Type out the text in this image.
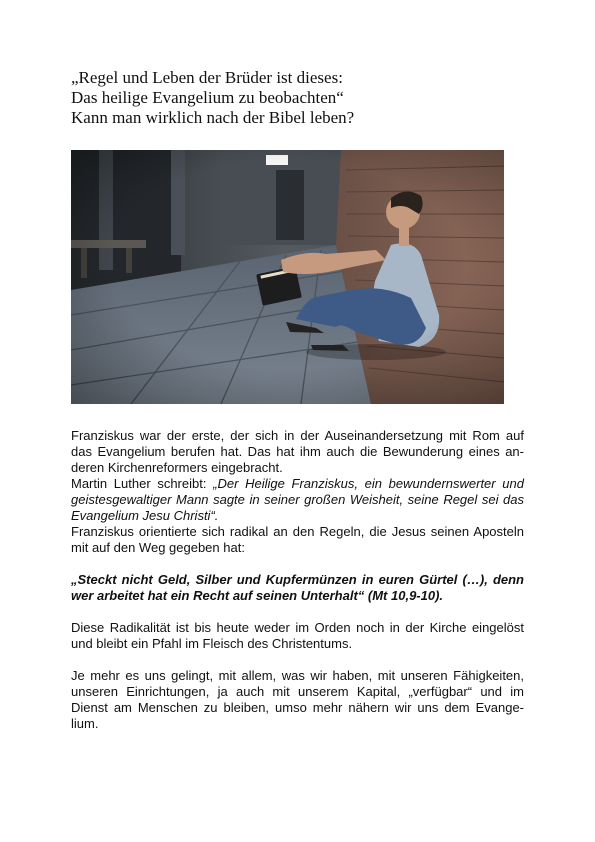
„Regel und Leben der Brüder ist dieses:
Das heilige Evangelium zu beobachten“
Kann man wirklich nach der Bibel leben?
Franziskus war der erste, der sich in der Auseinandersetzung mit Rom auf
das Evangelium berufen hat. Das hat ihm auch die Bewunderung eines an-
deren Kirchenreformers eingebracht.
Martin Luther schreibt: „Der Heilige Franziskus, ein bewundernswerter und
geistesgewaltiger Mann sagte in seiner großen Weisheit, seine Regel sei das
Evangelium Jesu Christi“.
Franziskus orientierte sich radikal an den Regeln, die Jesus seinen Aposteln
mit auf den Weg gegeben hat:
„Steckt nicht Geld, Silber und Kupfermünzen in euren Gürtel (…), denn
wer arbeitet hat ein Recht auf seinen Unterhalt“ (Mt 10,9-10).
Diese Radikalität ist bis heute weder im Orden noch in der Kirche eingelöst
und bleibt ein Pfahl im Fleisch des Christentums.
Je mehr es uns gelingt, mit allem, was wir haben, mit unseren Fähigkeiten,
unseren Einrichtungen, ja auch mit unserem Kapital, „verfügbar“ und im
Dienst am Menschen zu bleiben, umso mehr nähern wir uns dem Evange-
lium.
